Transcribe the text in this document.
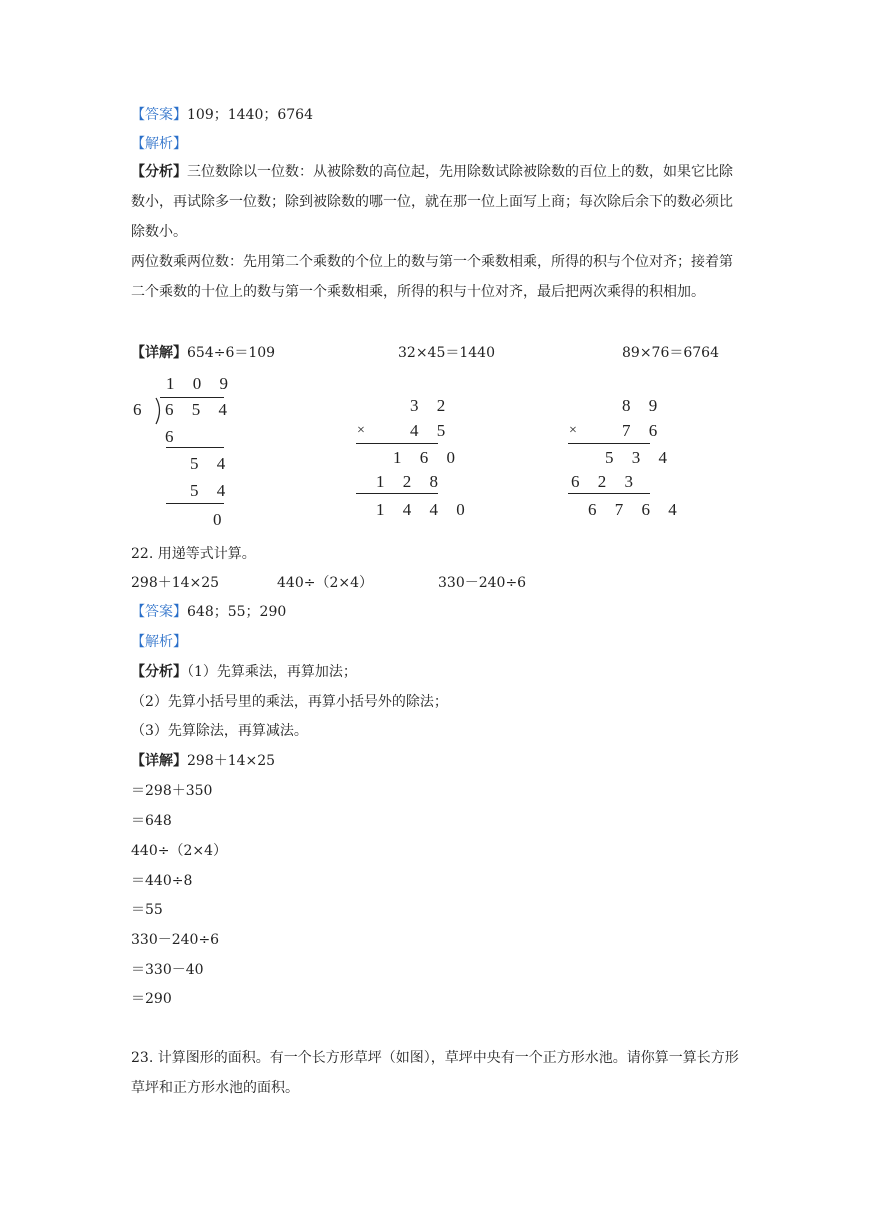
【答案】109；1440；6764
【解析】
【分析】三位数除以一位数：从被除数的高位起，先用除数试除被除数的百位上的数，如果它比除数小，再试除多一位数；除到被除数的哪一位，就在那一位上面写上商；每次除后余下的数必须比除数小。
两位数乘两位数：先用第二个乘数的个位上的数与第一个乘数相乘，所得的积与个位对齐；接着第二个乘数的十位上的数与第一个乘数相乘，所得的积与十位对齐，最后把两次乘得的积相加。
【详解】654÷6＝109	32×45＝1440	89×76＝6764
1 0 9
6 6 5 4
6
5 4
5 4
0
3 2
×	4 5
1 6 0
1 2 8
1 4 4 0
8 9
×	7 6
5 3 4
6 2 3
6 7 6 4
22. 用递等式计算。
298＋14×25	440÷（2×4）	330－240÷6
【答案】648；55；290
【解析】
【分析】（1）先算乘法，再算加法；
（2）先算小括号里的乘法，再算小括号外的除法；
（3）先算除法，再算减法。
【详解】298＋14×25
＝298＋350
＝648
440÷（2×4）
＝440÷8
＝55
330－240÷6
＝330－40
＝290
23. 计算图形的面积。有一个长方形草坪（如图），草坪中央有一个正方形水池。请你算一算长方形草坪和正方形水池的面积。
